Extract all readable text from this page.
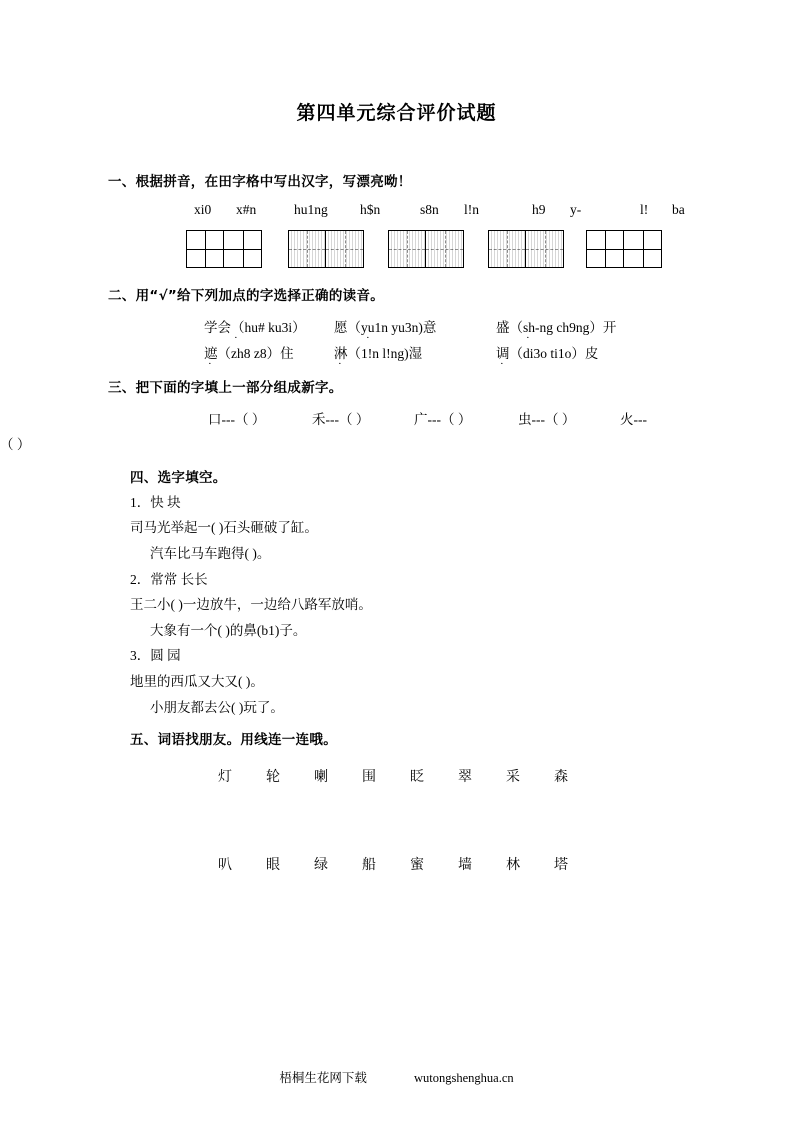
第四单元综合评价试题
一、根据拼音，在田字格中写出汉字，写漂亮呦！
xi0 x#n	hu1ng h$n	s8n l!n	h9 y-	l! ba
二、用“√”给下列加点的字选择正确的读音。
学会（hu# ku3i） 愿（yu1n yu3n)意	盛（sh-ng ch9ng）开
·	·	·
遮（zh8 z8）住	淋（1!n l!ng)湿	调（di3o ti1o）皮
·	·	·
三、把下面的字填上一部分组成新字。
口---（ ）	禾---（ ）	广---（ ）	虫---（ ）	火---
（ ）
四、选字填空。
1．快 块
司马光举起一( )石头砸破了缸。
汽车比马车跑得( )。
2．常常 长长
王二小( )一边放牛，一边给八路军放哨。
大象有一个( )的鼻(b1)子。
3．圆 园
地里的西瓜又大又( )。
小朋友都去公( )玩了。
五、词语找朋友。用线连一连哦。
灯 轮 喇 围 眨 翠 采 森
叭 眼 绿 船 蜜 墙 林 塔
梧桐生花网下载	wutongshenghua.cn
